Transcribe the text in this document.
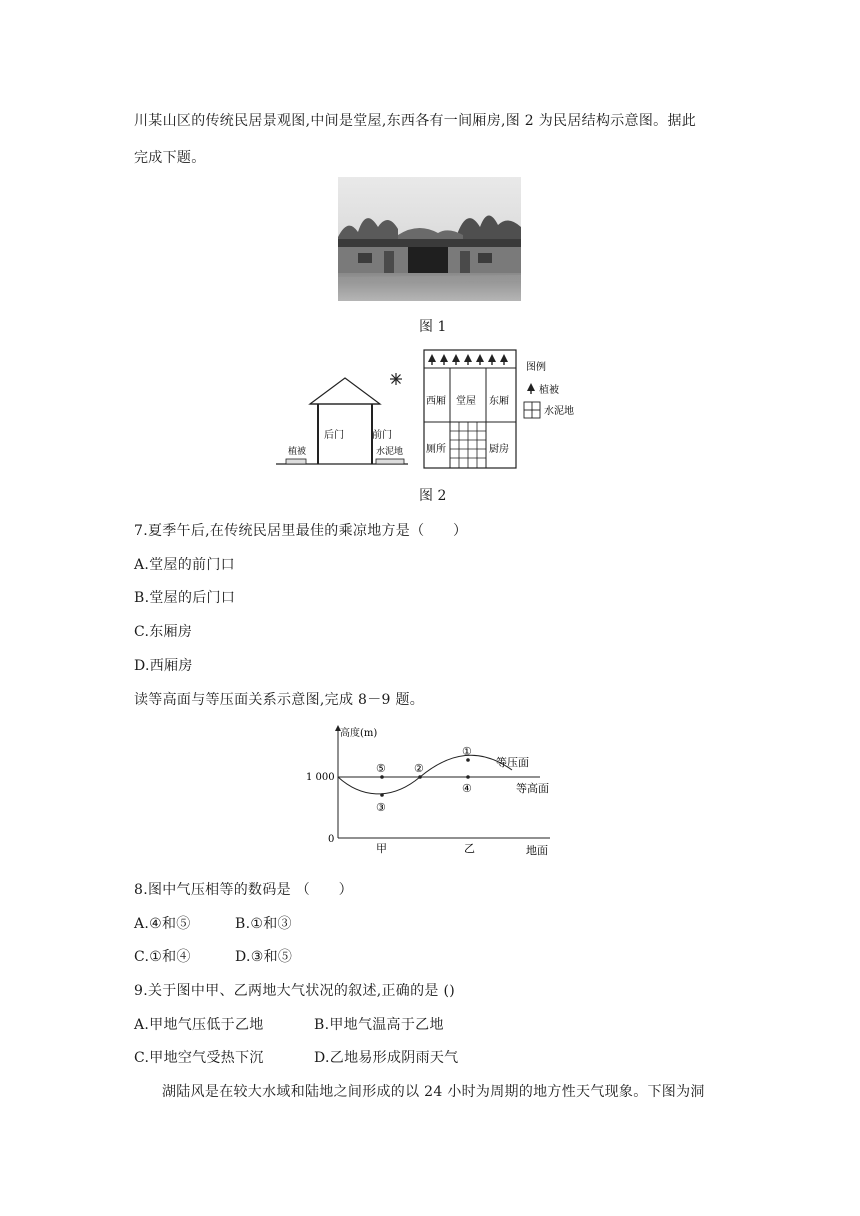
川某山区的传统民居景观图,中间是堂屋,东西各有一间厢房,图 2 为民居结构示意图。据此
完成下题。
图 1
后门	前门
植被	水泥地
西厢 堂屋 东厢
厕所	厨房
图例
植被
水泥地
图 2
7.夏季午后,在传统民居里最佳的乘凉地方是（　　）
A.堂屋的前门口
B.堂屋的后门口
C.东厢房
D.西厢房
读等高面与等压面关系示意图,完成 8－9 题。
1 000
0
高度(m)
⑤
③
②
①
④
等压面
等高面
甲	乙	地面
8.图中气压相等的数码是 （　　）
A.④和⑤	B.①和③
C.①和④	D.③和⑤
9.关于图中甲、乙两地大气状况的叙述,正确的是 ()
A.甲地气压低于乙地	B.甲地气温高于乙地
C.甲地空气受热下沉	D.乙地易形成阴雨天气
湖陆风是在较大水域和陆地之间形成的以 24 小时为周期的地方性天气现象。下图为洞
